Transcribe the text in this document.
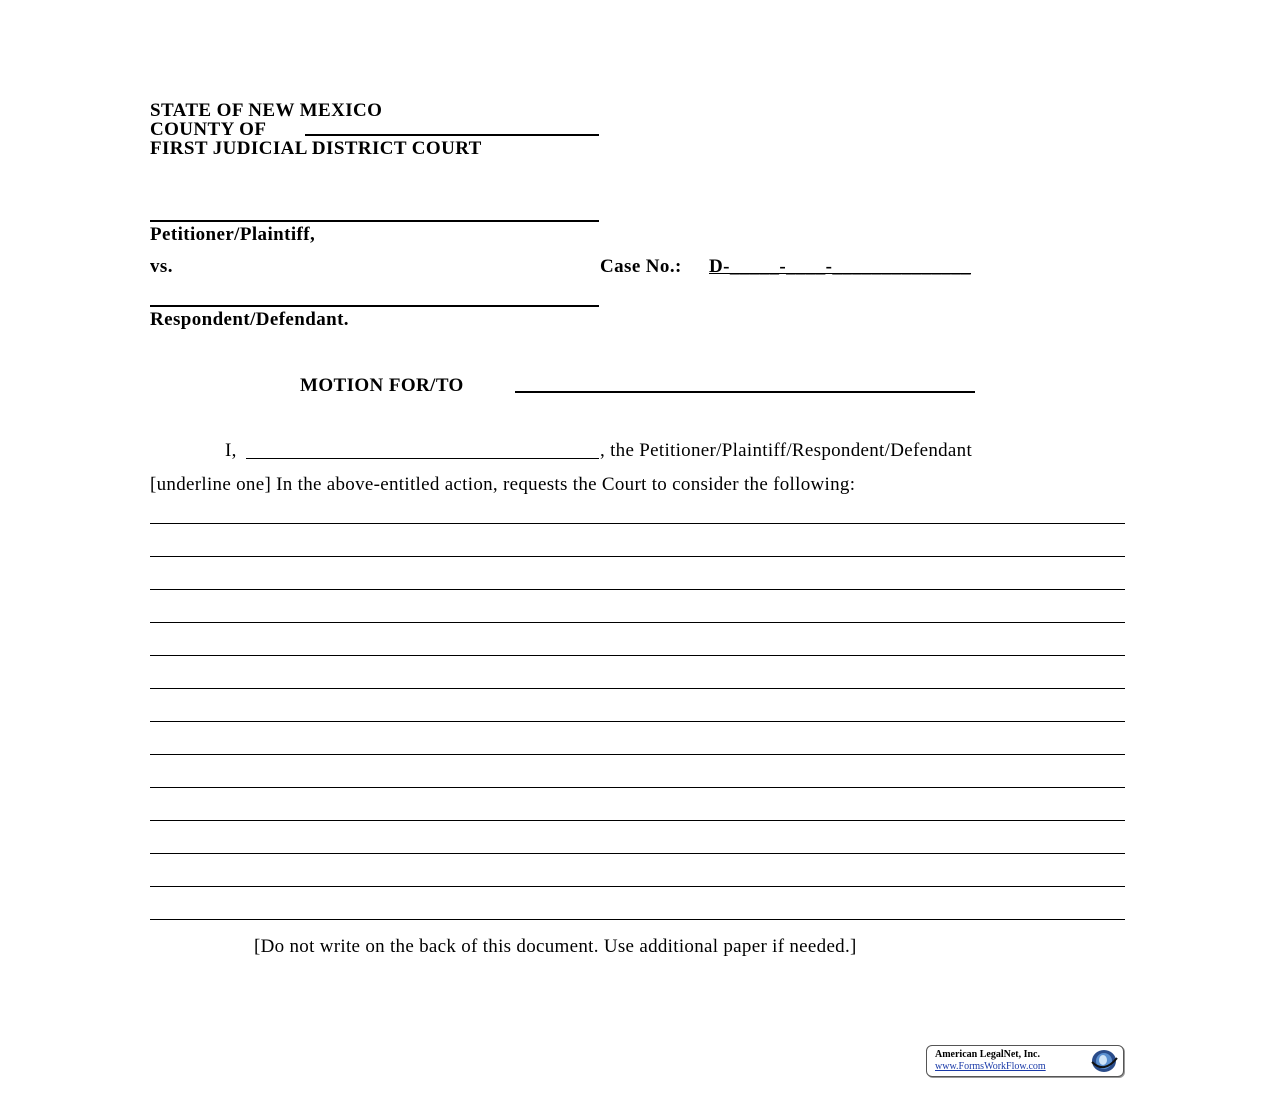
STATE OF NEW MEXICO
COUNTY OF
FIRST JUDICIAL DISTRICT COURT
Petitioner/Plaintiff,
vs.	Case No.: D-_____-____-______________
Respondent/Defendant.
MOTION FOR/TO
I,	, the Petitioner/Plaintiff/Respondent/Defendant
[underline one] In the above-entitled action, requests the Court to consider the following:
[Do not write on the back of this document. Use additional paper if needed.]
American LegalNet, Inc.
www.FormsWorkFlow.com
